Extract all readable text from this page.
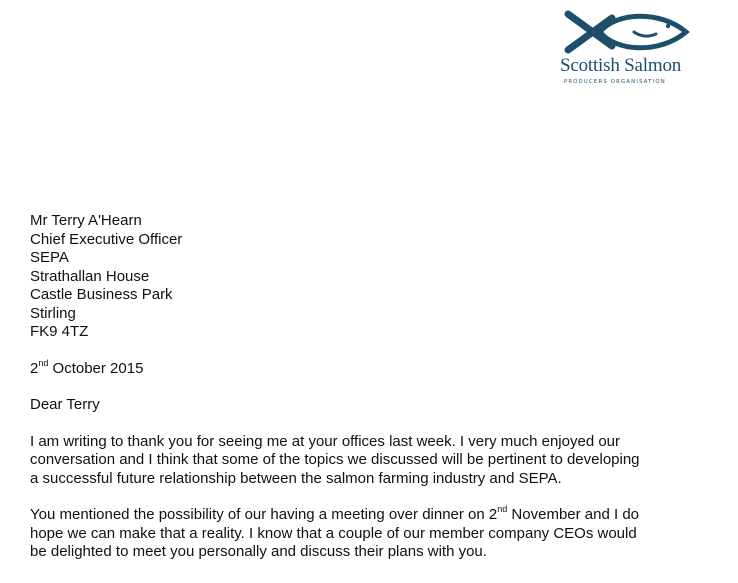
Scottish Salmon
PRODUCERS ORGANISATION
Mr Terry A'Hearn
Chief Executive Officer
SEPA
Strathallan House
Castle Business Park
Stirling
FK9 4TZ
2nd October 2015
Dear Terry
I am writing to thank you for seeing me at your offices last week. I very much enjoyed our
conversation and I think that some of the topics we discussed will be pertinent to developing
a successful future relationship between the salmon farming industry and SEPA.
You mentioned the possibility of our having a meeting over dinner on 2nd November and I do
hope we can make that a reality. I know that a couple of our member company CEOs would
be delighted to meet you personally and discuss their plans with you.
